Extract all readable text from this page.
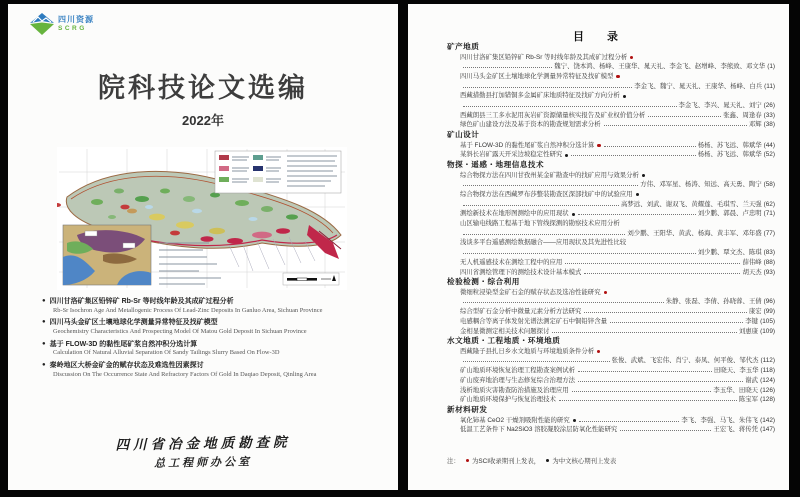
四川资源
SCRG
院科技论文选编
2022年
● 四川甘洛矿集区铅锌矿 Rb-Sr 等时线年龄及其成矿过程分析
Rb-Sr Isochron Age And Metallogenic Process Of Lead-Zinc Deposits In Ganluo Area, Sichuan Province
● 四川马头金矿区土壤地球化学测量异常特征及找矿模型
Geochemistry Characteristics And Prospecting Model Of Matou Gold Deposit In Sichuan Province
● 基于 FLOW-3D 的黏性尾矿浆自然冲积分选计算
Calculation Of Natural Alluvial Separation Of Sandy Tailings Slurry Based On Flow-3D
● 秦岭地区大桥金矿金的赋存状态及难选性因素探讨
Discussion On The Occurrence State And Refractory Factors Of Gold In Daqiao Deposit, Qinling Area
四川省冶金地质勘查院
总工程师办公室
目　录
矿产地质
四川甘洛矿集区铅锌矿 Rb-Sr 等时线年龄及其成矿过程分析
魏宁、饶本鸿、杨峰、王康华、晁天礼、李金飞、赵增峰、李熊致、邓文华 (1)
四川马头金矿区土壤地球化学测量异常特征及找矿模型
李金飞、魏宁、晁天礼、王康华、杨峰、白兵 (11)
西藏措勤县打加错铜多金属矿床地质特征及找矿方向分析
李金飞、李兴、晁天礼、刘宁 (26)
西藏朗县三工多水泥用灰岩矿资源储量核实报告及矿业权价值分析	张鑫、周逢春 (33)
绿色矿山建设方法及基于资本的勘查规划需求分析	邓辉 (38)
矿山设计
基于 FLOW-3D 的黏性尾矿浆自然冲积分选计算	杨杨、苏飞远、韩斌华 (44)
某斜长岩矿露天开采边坡稳定性研究	杨杨、苏飞远、韩斌华 (52)
物探・遥感・地理信息技术
综合物探方法在四川甘孜州某金矿勘查中的找矿应用与效果分析
方伟、邓军星、杨涛、知远、高天勇、陶宁 (58)
综合物探方法在西藏罗布莎整装勘查区深部找矿中的试验应用
高梦远、刘武、谢双飞、黄耀莲、毛琪雪、兰天强 (62)
测绘新技术在地形图测绘中的应用现状	刘少鹏、郭晨、卢忠明 (71)
山区输电线路工程基于地下管线探测的勘察技术应用分析
刘少鹏、王阳华、黄武、杨海、黄丰军、邓年盛 (77)
浅谈多平台遥感测绘数据融合——应用现状及其先进性比较
刘少鹏、覃文杰、陈琪 (83)
无人机遥感技术在测绘工程中的应用	薛伟峰 (88)
四川省测绘管理下的测绘技术设计基本模式	胡天杰 (93)
检验检测・综合利用
微细粒浸染型金矿石金的赋存状态及选冶性能研究
朱静、张磊、李倩、孙晓蓉、王倩 (96)
综合型矿石金分析中微量元素分析方法研究	康宏 (99)
电感耦合等离子体发射光谱法测定矿石中铜铅锌含量	李键 (105)
金相显微测定相关技术问题探讨	刘惠康 (109)
水文地质・工程地质・环境地质
西藏隆子县扎日乡水文地质与环境地质条件分析
张俊、武斌、飞宏伟、肖宁、泰凤、何平俊、邹代杰 (112)
矿山地质环境恢复治理工程勘查案例试析	田晓天、李玉华 (118)
矿山废弃地治理与生态修复综合治理方法	谢武 (124)
浅析地质灾害勘查防治措施及治理应用	李玉华、田晓天 (126)
矿山地质环境保护与恢复治理技术	陈宝军 (128)
新材料研发
氧化铈基 CeO2 干燥剂吸附性能的研究	李飞、李强、马飞、朱伟飞 (142)
低温工艺条件下 Na2SiO3 溶胶凝胶涂层防氧化性能研究	王宏飞、蒋传凭 (147)
注： 为SCI收录期刊上发表， 为中文核心期刊上发表
